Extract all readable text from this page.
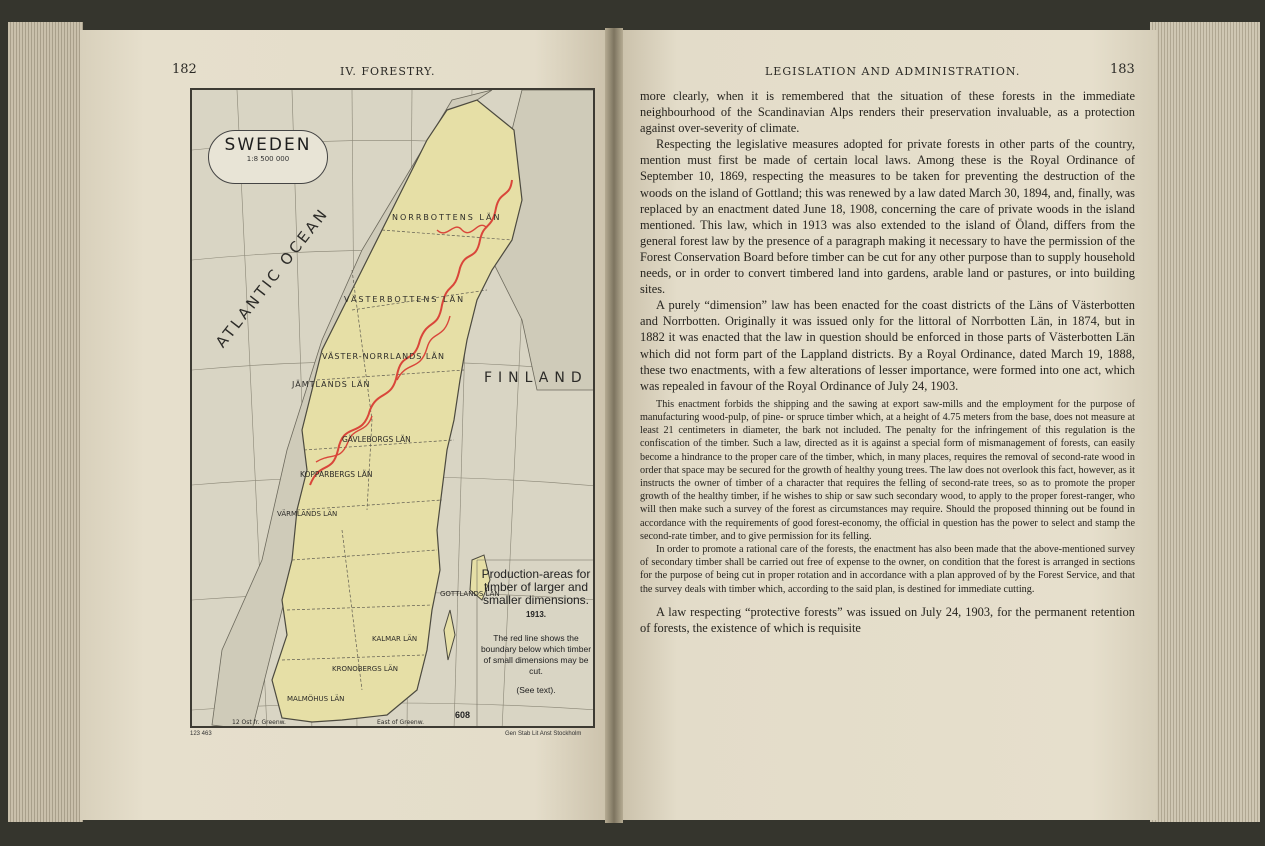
182	IV. FORESTRY.
SWEDEN
1:8 500 000
ATLANTIC OCEAN
FINLAND
NORRBOTTENS LÄN
VÄSTERBOTTENS LÄN
VÄSTER-NORRLANDS LÄN
JÄMTLANDS LÄN
GÄVLEBORGS LÄN
KOPPARBERGS LÄN
VÄRMLANDS LÄN
GOTTLANDS LÄN
KALMAR LÄN
KRONOBERGS LÄN
MALMÖHUS LÄN
Production-areas for timber of larger and smaller dimensions.
1913.
The red line shows the boundary below which timber of small dimensions may be cut.
(See text).
608
12 Ost fr. Greenw.	East of Greenw.
123 463	Gen Stab Lit Anst Stockholm
LEGISLATION AND ADMINISTRATION.	183

more clearly, when it is remembered that the situation of these forests in the immediate neighbourhood of the Scandinavian Alps renders their preservation invaluable, as a protection against over-severity of climate.

Respecting the legislative measures adopted for private forests in other parts of the country, mention must first be made of certain local laws. Among these is the Royal Ordinance of September 10, 1869, respecting the measures to be taken for preventing the destruction of the woods on the island of Gottland; this was renewed by a law dated March 30, 1894, and, finally, was replaced by an enactment dated June 18, 1908, concerning the care of private woods in the island mentioned. This law, which in 1913 was also extended to the island of Öland, differs from the general forest law by the presence of a paragraph making it necessary to have the permission of the Forest Conservation Board before timber can be cut for any other purpose than to supply household needs, or in order to convert timbered land into gardens, arable land or pastures, or into building sites.

A purely “dimension” law has been enacted for the coast districts of the Läns of Västerbotten and Norrbotten. Originally it was issued only for the littoral of Norrbotten Län, in 1874, but in 1882 it was enacted that the law in question should be enforced in those parts of Västerbotten Län which did not form part of the Lappland districts. By a Royal Ordinance, dated March 19, 1888, these two enactments, with a few alterations of lesser importance, were formed into one act, which was repealed in favour of the Royal Ordinance of July 24, 1903.

This enactment forbids the shipping and the sawing at export saw-mills and the employment for the purpose of manufacturing wood-pulp, of pine- or spruce timber which, at a height of 4.75 meters from the base, does not measure at least 21 centimeters in diameter, the bark not included. The penalty for the infringement of this regulation is the confiscation of the timber. Such a law, directed as it is against a special form of mismanagement of forests, can easily become a hindrance to the proper care of the timber, which, in many places, requires the removal of second-rate wood in order that space may be secured for the growth of healthy young trees. The law does not overlook this fact, however, as it instructs the owner of timber of a character that requires the felling of second-rate trees, so as to promote the proper growth of the healthy timber, if he wishes to ship or saw such secondary wood, to apply to the proper forest-ranger, who will then make such a survey of the forest as circumstances may require. Should the proposed thinning out be found in accordance with the requirements of good forest-economy, the official in question has the power to select and stamp the second-rate timber, and to give permission for its felling.

In order to promote a rational care of the forests, the enactment has also been made that the above-mentioned survey of secondary timber shall be carried out free of expense to the owner, on condition that the forest is arranged in sections for the purpose of being cut in proper rotation and in accordance with a plan approved of by the Forest Service, and that the survey deals with timber which, according to the said plan, is destined for immediate cutting.

A law respecting “protective forests” was issued on July 24, 1903, for the permanent retention of forests, the existence of which is requisite
